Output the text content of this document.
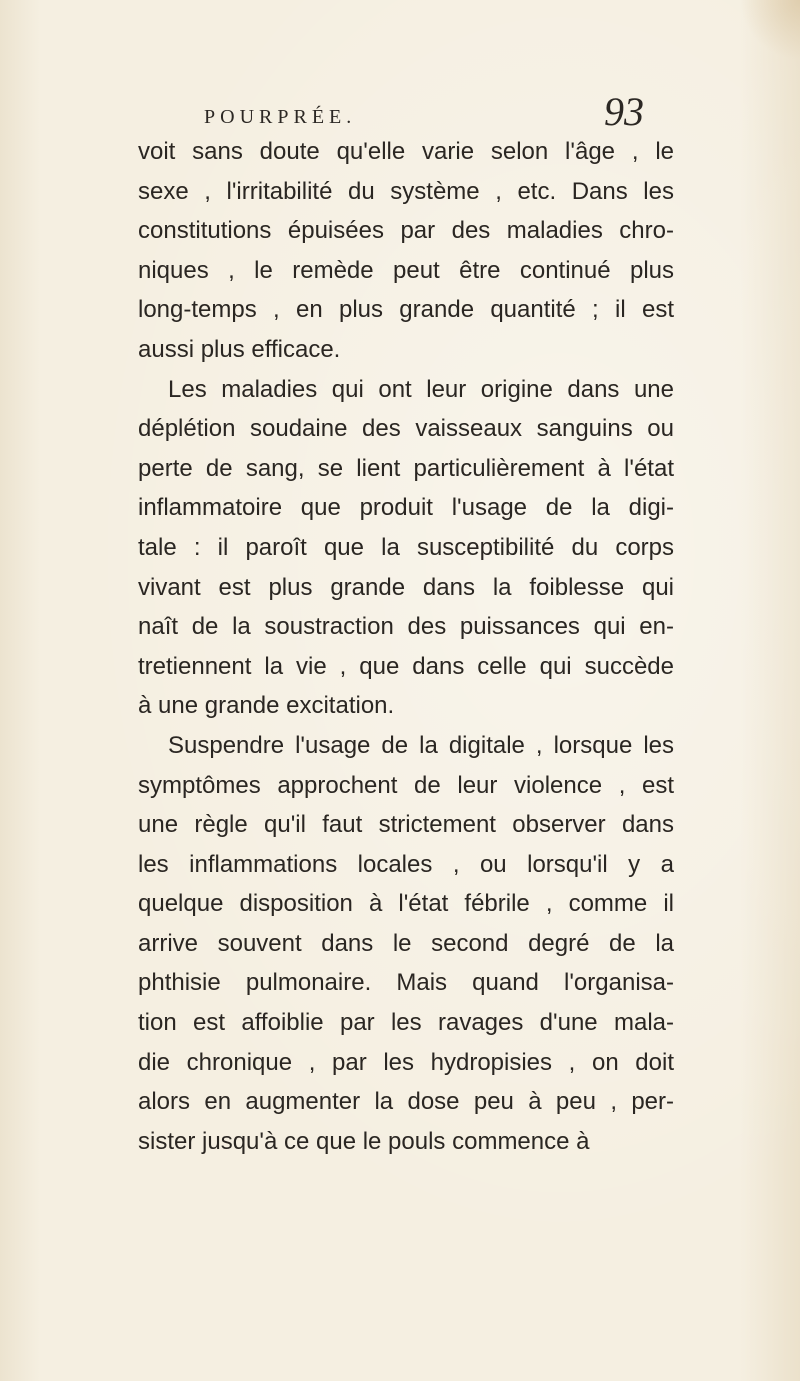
POURPRÉE.	93
voit sans doute qu'elle varie selon l'âge , le
sexe , l'irritabilité du système , etc. Dans les
constitutions épuisées par des maladies chro-
niques , le remède peut être continué plus
long-temps , en plus grande quantité ; il est
aussi plus efficace.
Les maladies qui ont leur origine dans une
déplétion soudaine des vaisseaux sanguins ou
perte de sang, se lient particulièrement à l'état
inflammatoire que produit l'usage de la digi-
tale : il paroît que la susceptibilité du corps
vivant est plus grande dans la foiblesse qui
naît de la soustraction des puissances qui en-
tretiennent la vie , que dans celle qui succède
à une grande excitation.
Suspendre l'usage de la digitale , lorsque les
symptômes approchent de leur violence , est
une règle qu'il faut strictement observer dans
les inflammations locales , ou lorsqu'il y a
quelque disposition à l'état fébrile , comme il
arrive souvent dans le second degré de la
phthisie pulmonaire. Mais quand l'organisa-
tion est affoiblie par les ravages d'une mala-
die chronique , par les hydropisies , on doit
alors en augmenter la dose peu à peu , per-
sister jusqu'à ce que le pouls commence à
